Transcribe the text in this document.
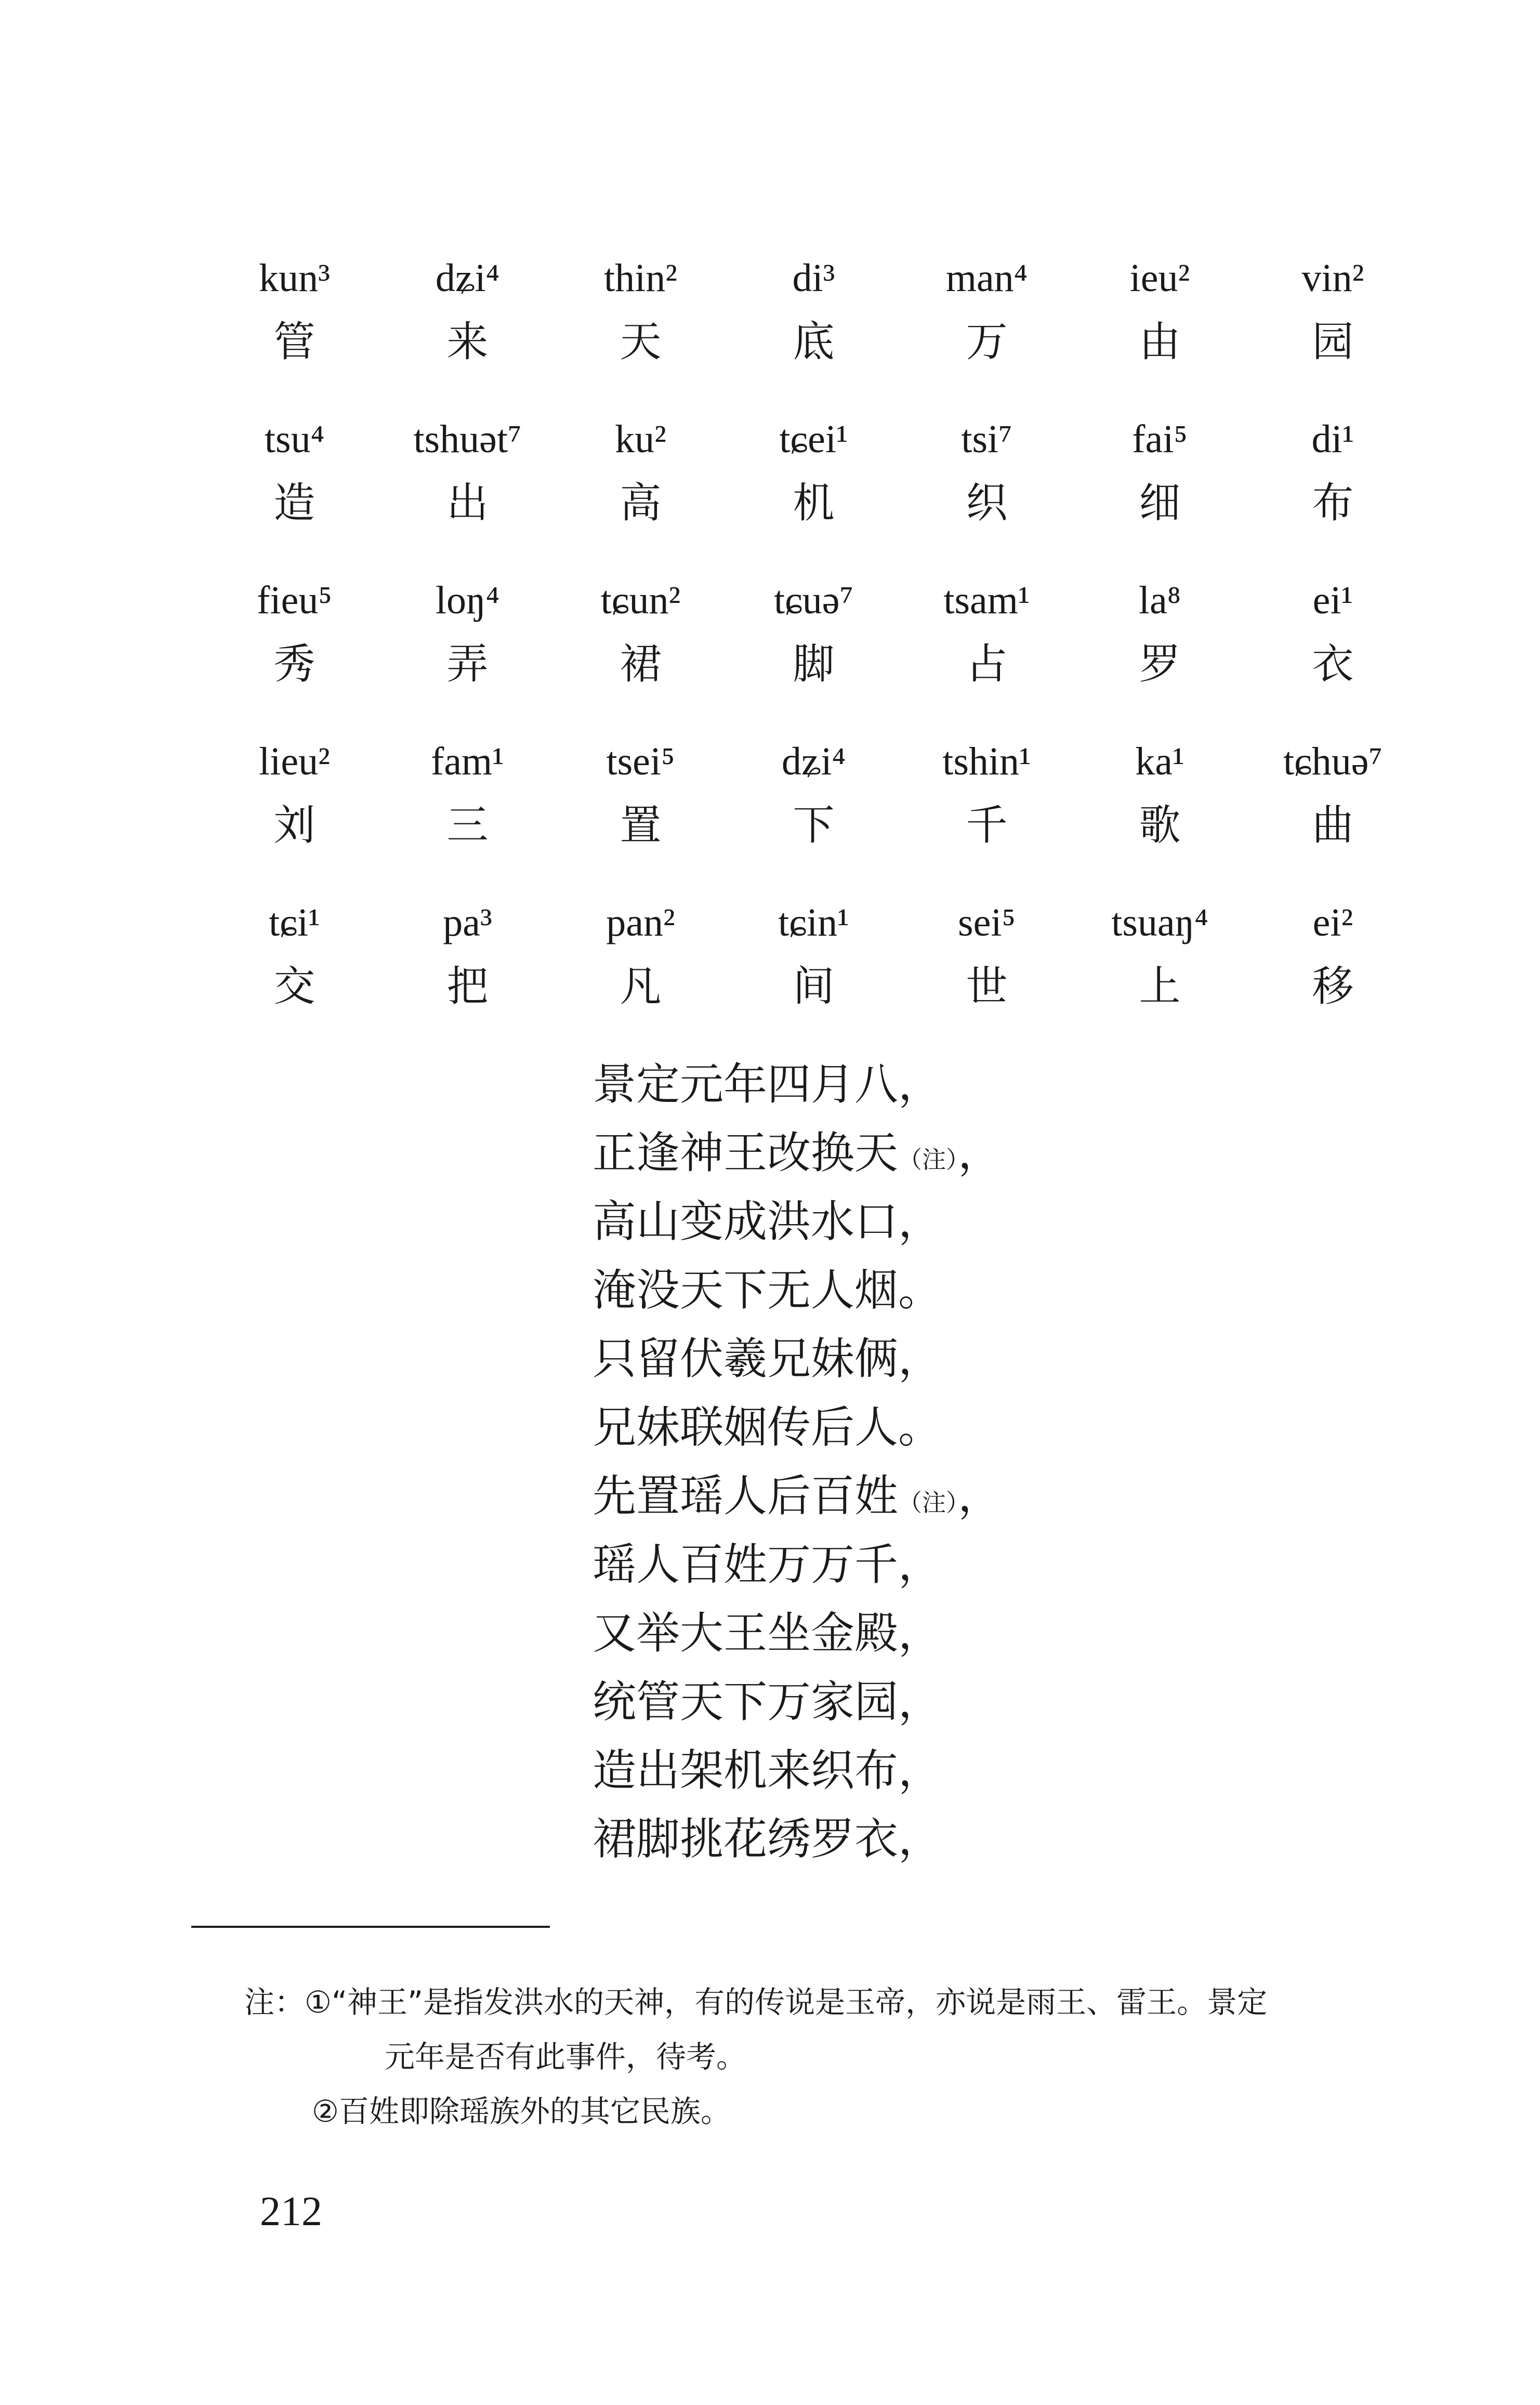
kun³
管
dʑi⁴
来
thin²
天
di³
底
man⁴
万
ieu²
由
vin²
园
tsu⁴
造
tshuət⁷
出
ku²
高
tɕei¹
机
tsi⁷
织
fai⁵
细
di¹
布
fieu⁵
秀
loŋ⁴
弄
tɕun²
裙
tɕuə⁷
脚
tsam¹
占
la⁸
罗
ei¹
衣
lieu²
刘
fam¹
三
tsei⁵
置
dʑi⁴
下
tshin¹
千
ka¹
歌
tɕhuə⁷
曲
tɕi¹
交
pa³
把
pan²
凡
tɕin¹
间
sei⁵
世
tsuaŋ⁴
上
ei²
移
景定元年四月八，
正逢神王改换天（注），
高山变成洪水口，
淹没天下无人烟。
只留伏羲兄妹俩，
兄妹联姻传后人。
先置瑶人后百姓（注），
瑶人百姓万万千，
又举大王坐金殿，
统管天下万家园，
造出架机来织布，
裙脚挑花绣罗衣，
注：①“神王”是指发洪水的天神，有的传说是玉帝，亦说是雨王、雷王。景定
元年是否有此事件，待考。
②百姓即除瑶族外的其它民族。
212
